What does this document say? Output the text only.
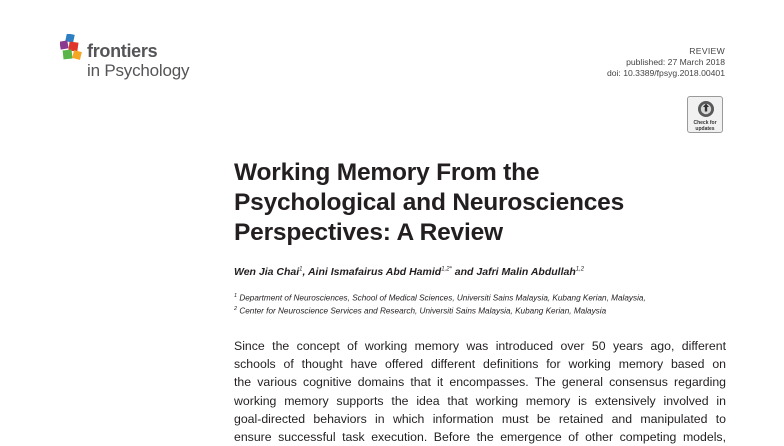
frontiers
in Psychology
REVIEW
published: 27 March 2018
doi: 10.3389/fpsyg.2018.00401
Check for
updates
Working Memory From the
Psychological and Neurosciences
Perspectives: A Review
Wen Jia Chai$^1$, Aini Ismafairus Abd Hamid$^{1,2*}$ and Jafri Malin Abdullah$^{1,2}$
$^1$ Department of Neurosciences, School of Medical Sciences, Universiti Sains Malaysia, Kubang Kerian, Malaysia,
$^2$ Center for Neuroscience Services and Research, Universiti Sains Malaysia, Kubang Kerian, Malaysia
Since the concept of working memory was introduced over 50 years ago, different
schools of thought have offered different definitions for working memory based on
the various cognitive domains that it encompasses. The general consensus regarding
working memory supports the idea that working memory is extensively involved in
goal-directed behaviors in which information must be retained and manipulated to
ensure successful task execution. Before the emergence of other competing models,
